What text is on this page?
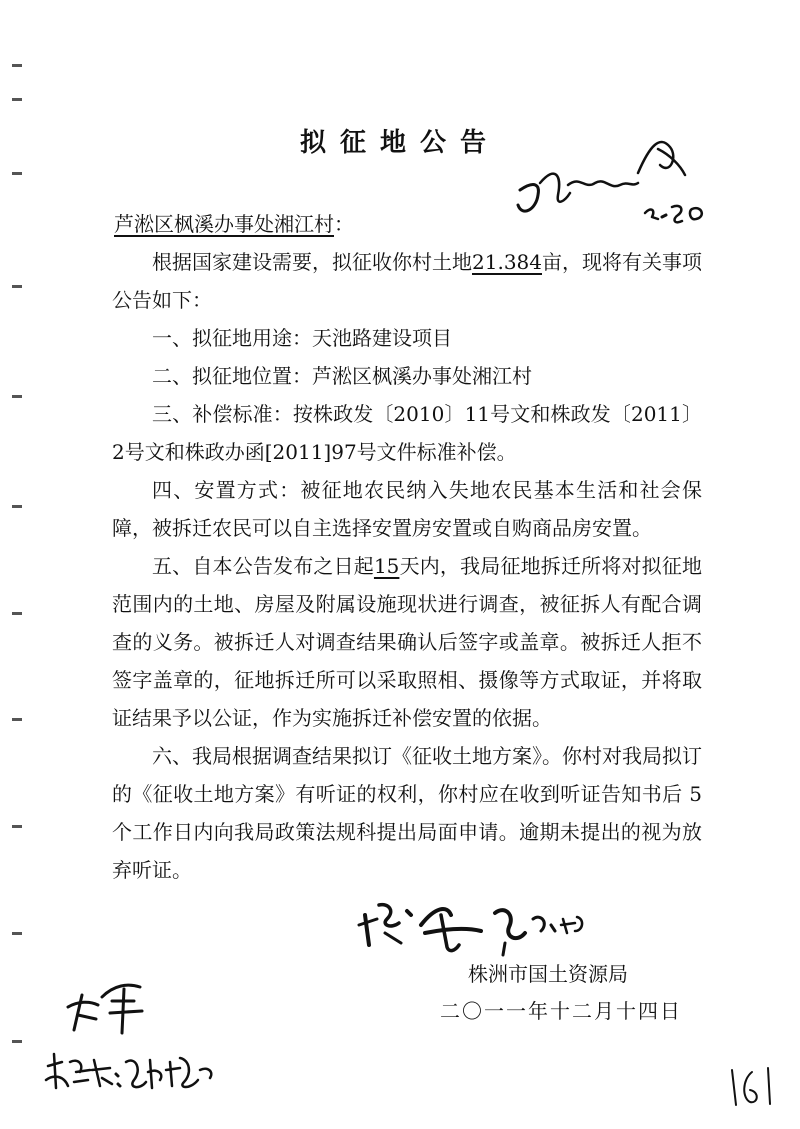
拟征地公告
芦淞区枫溪办事处湘江村：

根据国家建设需要，拟征收你村土地21.384亩，现将有关事项公告如下：

一、拟征地用途：天池路建设项目

二、拟征地位置：芦淞区枫溪办事处湘江村

三、补偿标准：按株政发〔2010〕11号文和株政发〔2011〕2号文和株政办函[2011]97号文件标准补偿。

四、安置方式：被征地农民纳入失地农民基本生活和社会保障，被拆迁农民可以自主选择安置房安置或自购商品房安置。

五、自本公告发布之日起15天内，我局征地拆迁所将对拟征地范围内的土地、房屋及附属设施现状进行调查，被征拆人有配合调查的义务。被拆迁人对调查结果确认后签字或盖章。被拆迁人拒不签字盖章的，征地拆迁所可以采取照相、摄像等方式取证，并将取证结果予以公证，作为实施拆迁补偿安置的依据。

六、我局根据调查结果拟订《征收土地方案》。你村对我局拟订的《征收土地方案》有听证的权利，你村应在收到听证告知书后 5 个工作日内向我局政策法规科提出局面申请。逾期未提出的视为放弃听证。

株洲市国土资源局
二〇一一年十二月十四日
